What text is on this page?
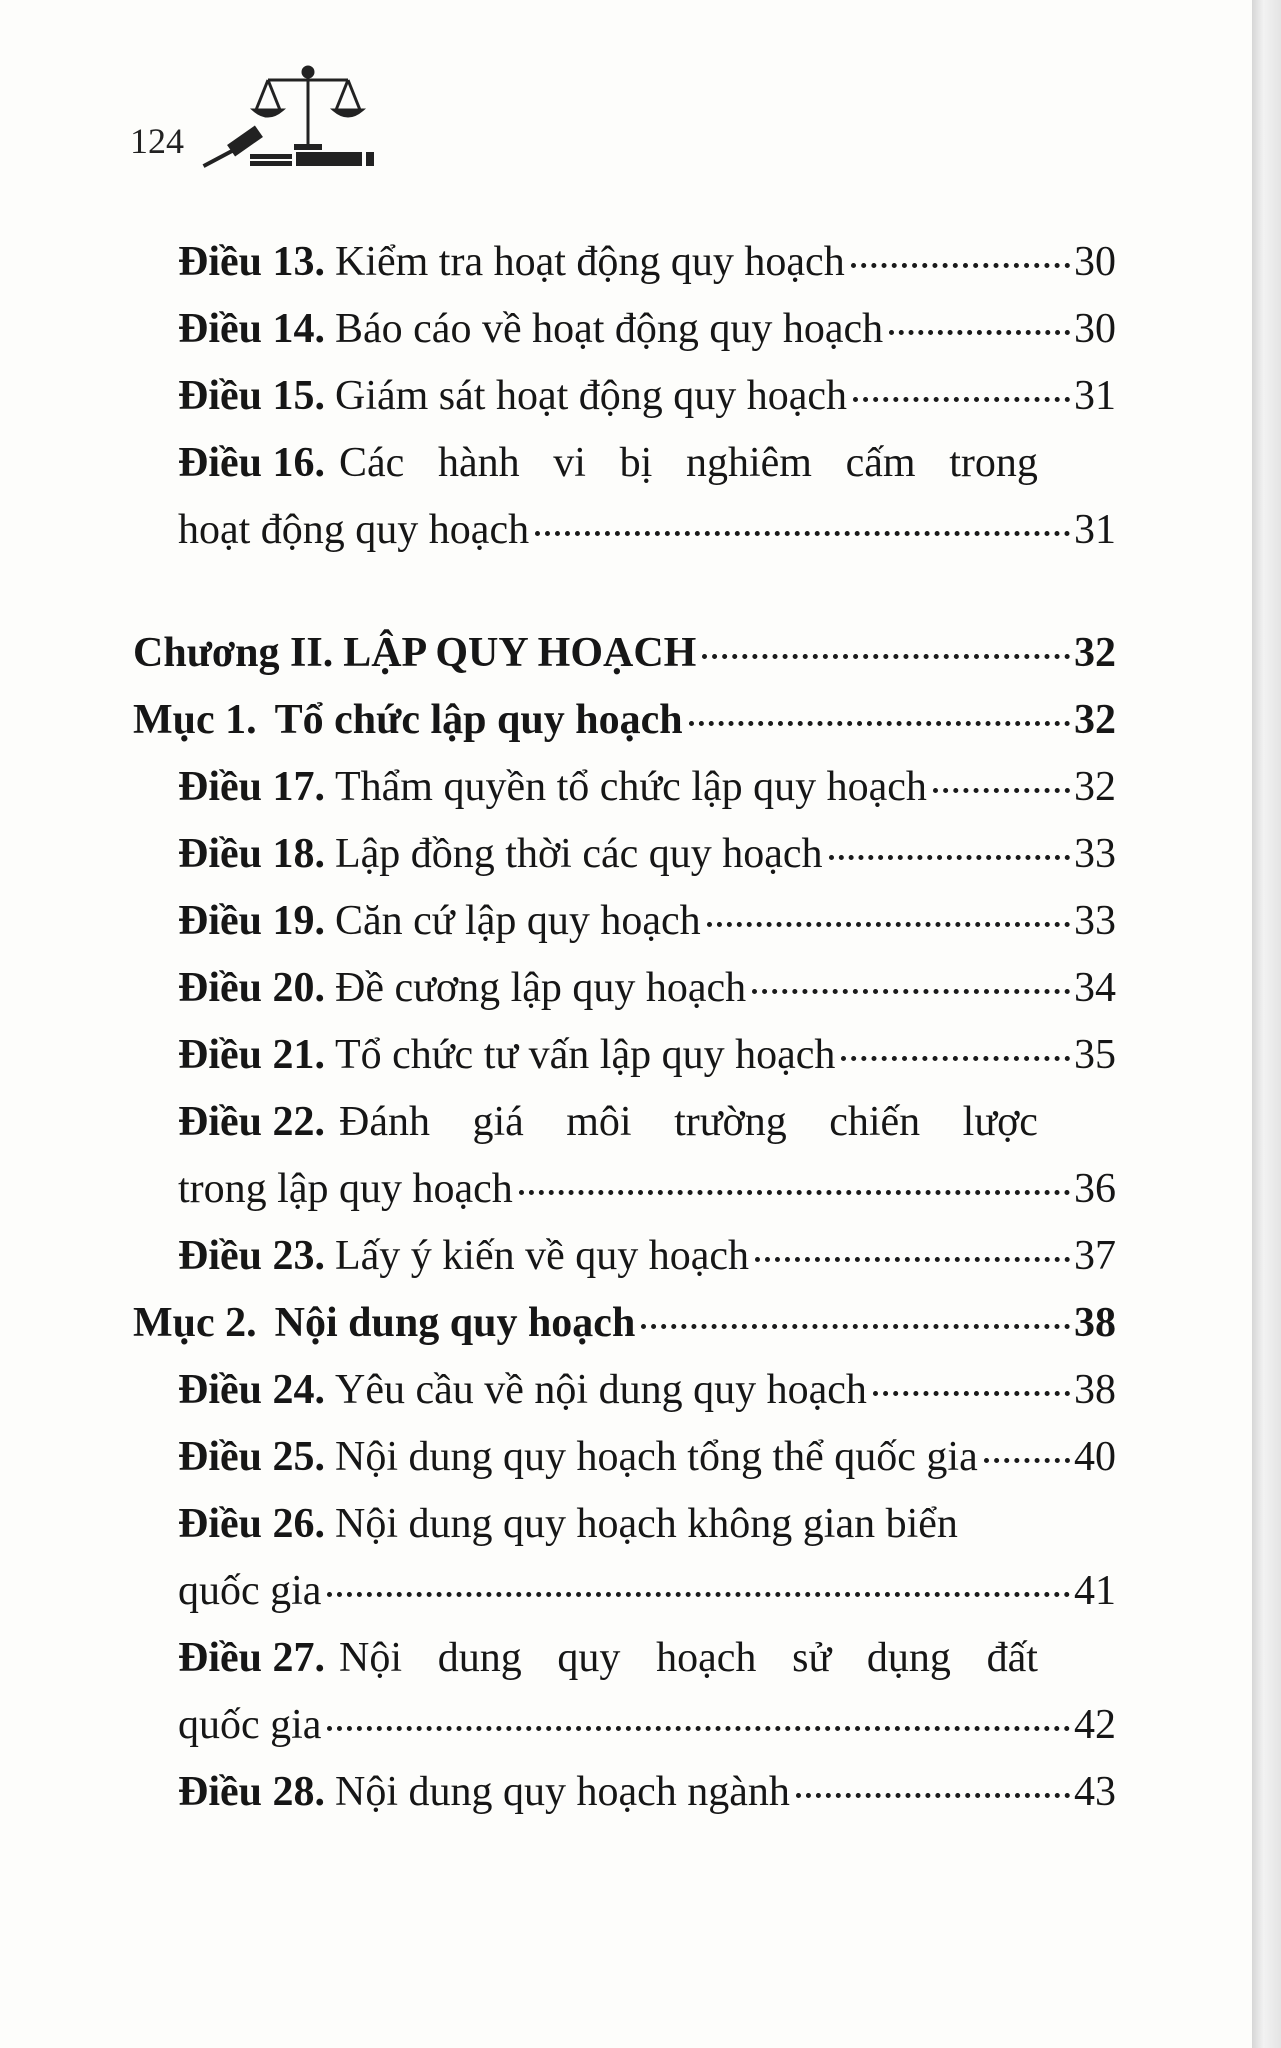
124
Điều 13. Kiểm tra hoạt động quy hoạch	30
Điều 14. Báo cáo về hoạt động quy hoạch	30
Điều 15. Giám sát hoạt động quy hoạch	31
Điều 16. Các hành vi bị nghiêm cấm trong
hoạt động quy hoạch	31
Chương II. LẬP QUY HOẠCH	32
Mục 1. Tổ chức lập quy hoạch	32
Điều 17. Thẩm quyền tổ chức lập quy hoạch	32
Điều 18. Lập đồng thời các quy hoạch	33
Điều 19. Căn cứ lập quy hoạch	33
Điều 20. Đề cương lập quy hoạch	34
Điều 21. Tổ chức tư vấn lập quy hoạch	35
Điều 22. Đánh giá môi trường chiến lược
trong lập quy hoạch	36
Điều 23. Lấy ý kiến về quy hoạch	37
Mục 2. Nội dung quy hoạch	38
Điều 24. Yêu cầu về nội dung quy hoạch	38
Điều 25. Nội dung quy hoạch tổng thể quốc gia 40
Điều 26. Nội dung quy hoạch không gian biển
quốc gia	41
Điều 27. Nội dung quy hoạch sử dụng đất
quốc gia	42
Điều 28. Nội dung quy hoạch ngành	43
